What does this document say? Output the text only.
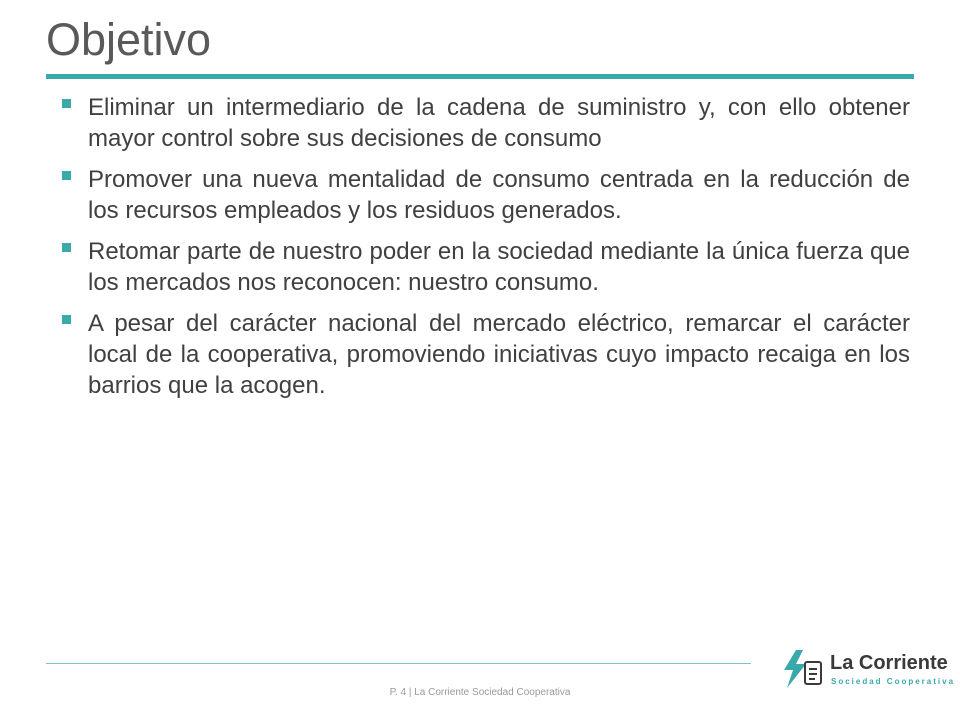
Objetivo
Eliminar un intermediario de la cadena de suministro y, con ello obtener mayor control sobre sus decisiones de consumo
Promover una nueva mentalidad de consumo centrada en la reducción de los recursos empleados y los residuos generados.
Retomar parte de nuestro poder en la sociedad mediante la única fuerza que los mercados nos reconocen: nuestro consumo.
A pesar del carácter nacional del mercado eléctrico, remarcar el carácter local de la cooperativa, promoviendo iniciativas cuyo impacto recaiga en los barrios que la acogen.
P. 4 | La Corriente Sociedad Cooperativa
La Corriente
Sociedad Cooperativa
